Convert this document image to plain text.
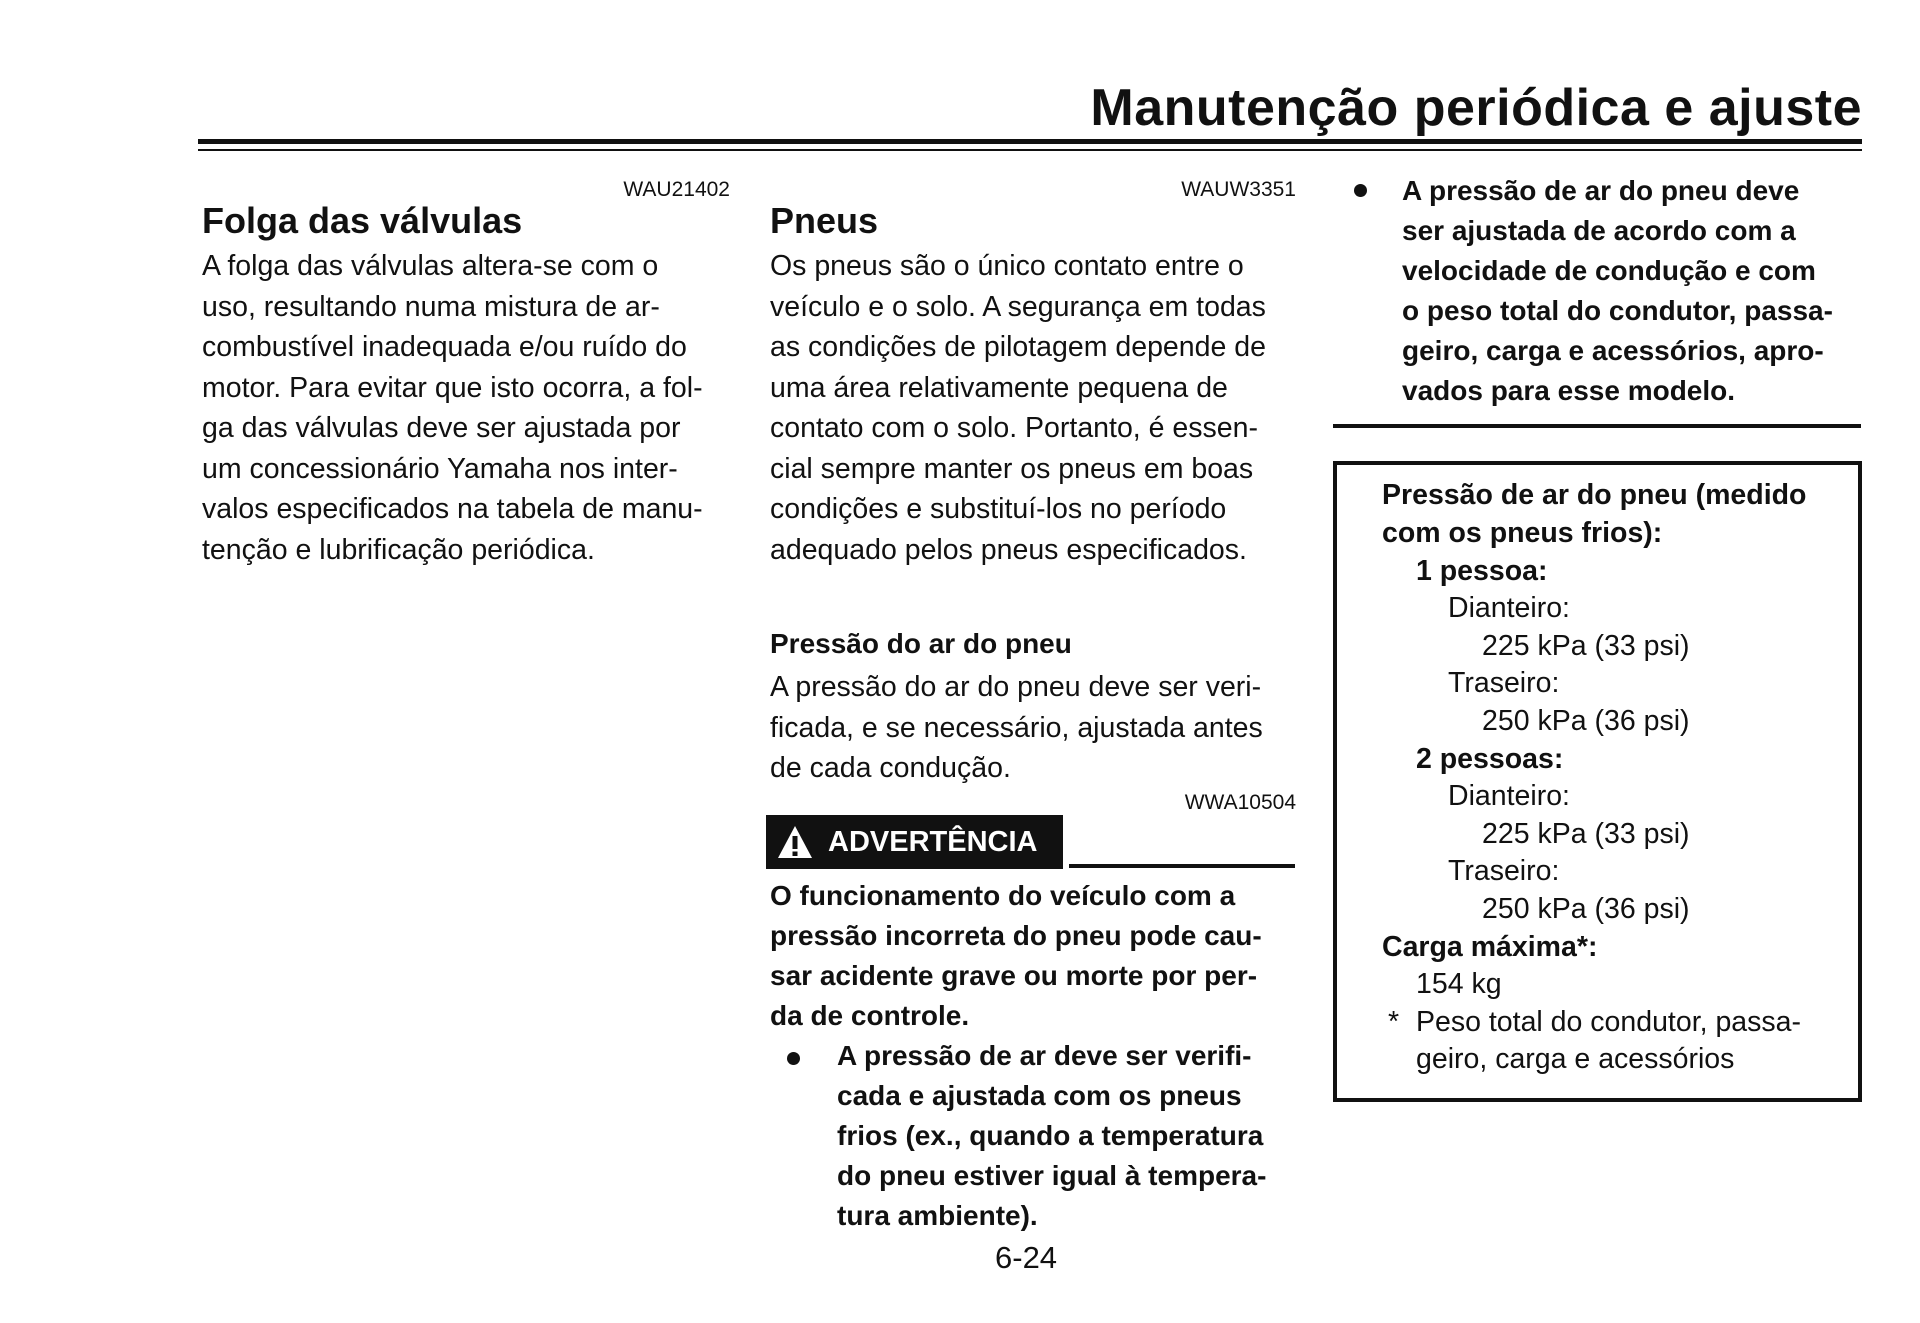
Manutenção periódica e ajuste
WAU21402
Folga das válvulas
A folga das válvulas altera-se com o
uso, resultando numa mistura de ar-
combustível inadequada e/ou ruído do
motor. Para evitar que isto ocorra, a fol-
ga das válvulas deve ser ajustada por
um concessionário Yamaha nos inter-
valos especificados na tabela de manu-
tenção e lubrificação periódica.
WAUW3351
Pneus
Os pneus são o único contato entre o
veículo e o solo. A segurança em todas
as condições de pilotagem depende de
uma área relativamente pequena de
contato com o solo. Portanto, é essen-
cial sempre manter os pneus em boas
condições e substituí-los no período
adequado pelos pneus especificados.
Pressão do ar do pneu
A pressão do ar do pneu deve ser veri-
ficada, e se necessário, ajustada antes
de cada condução.
WWA10504
ADVERTÊNCIA
O funcionamento do veículo com a
pressão incorreta do pneu pode cau-
sar acidente grave ou morte por per-
da de controle.
A pressão de ar deve ser verifi-
cada e ajustada com os pneus
frios (ex., quando a temperatura
do pneu estiver igual à tempera-
tura ambiente).
A pressão de ar do pneu deve
ser ajustada de acordo com a
velocidade de condução e com
o peso total do condutor, passa-
geiro, carga e acessórios, apro-
vados para esse modelo.
Pressão de ar do pneu (medido
com os pneus frios):
1 pessoa:
Dianteiro:
225 kPa (33 psi)
Traseiro:
250 kPa (36 psi)
2 pessoas:
Dianteiro:
225 kPa (33 psi)
Traseiro:
250 kPa (36 psi)
Carga máxima*:
154 kg
* Peso total do condutor, passa-
geiro, carga e acessórios
6-24
